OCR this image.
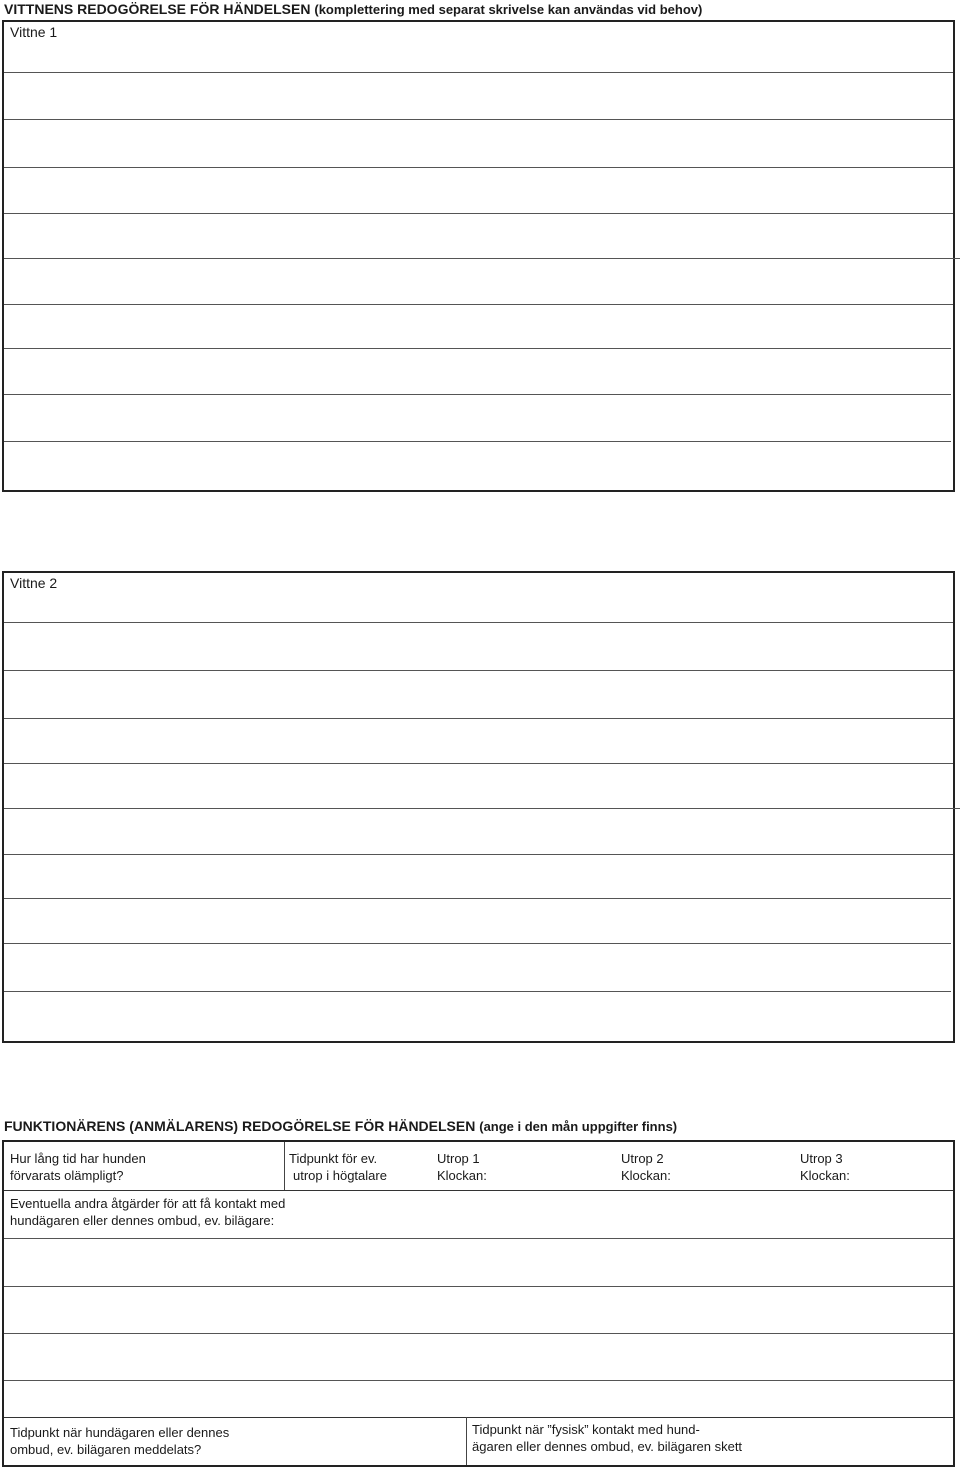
VITTNENS REDOGÖRELSE FÖR HÄNDELSEN (komplettering med separat skrivelse kan användas vid behov)
Vittne 1
Vittne 2
FUNKTIONÄRENS (ANMÄLARENS) REDOGÖRELSE FÖR HÄNDELSEN (ange i den mån uppgifter finns)
Hur lång tid har hunden
förvarats olämpligt?
Tidpunkt för ev.
utrop i högtalare
Utrop 1
Klockan:
Utrop 2
Klockan:
Utrop 3
Klockan:
Eventuella andra åtgärder för att få kontakt med
hundägaren eller dennes ombud, ev. bilägare:
Tidpunkt när hundägaren eller dennes
ombud, ev. bilägaren meddelats?
Tidpunkt när ”fysisk” kontakt med hund-
ägaren eller dennes ombud, ev. bilägaren skett
